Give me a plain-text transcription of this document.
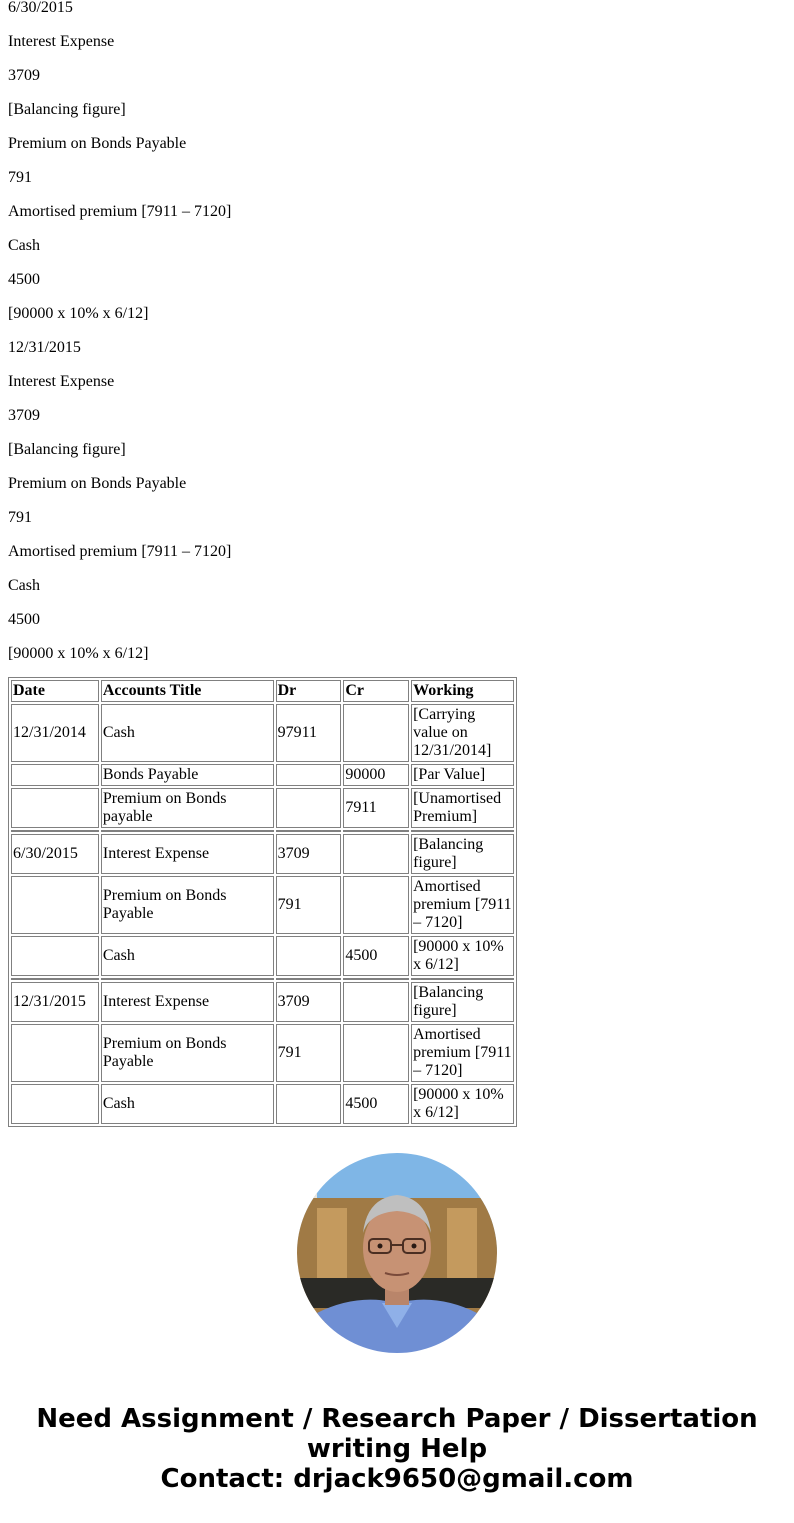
6/30/2015

Interest Expense

3709

[Balancing figure]

Premium on Bonds Payable

791

Amortised premium [7911 – 7120]

Cash

4500

[90000 x 10% x 6/12]

12/31/2015

Interest Expense

3709

[Balancing figure]

Premium on Bonds Payable

791

Amortised premium [7911 – 7120]

Cash

4500

[90000 x 10% x 6/12]

Date	Accounts Title	Dr	Cr	Working
12/31/2014	Cash	97911		[Carrying value on 12/31/2014]
	Bonds Payable		90000	[Par Value]
	Premium on Bonds payable		7911	[Unamortised Premium]

6/30/2015	Interest Expense	3709		[Balancing figure]
	Premium on Bonds Payable	791		Amortised premium [7911 – 7120]
	Cash		4500	[90000 x 10% x 6/12]

12/31/2015	Interest Expense	3709		[Balancing figure]
	Premium on Bonds Payable	791		Amortised premium [7911 – 7120]
	Cash		4500	[90000 x 10% x 6/12]

Need Assignment / Research Paper / Dissertation writing Help

Contact: drjack9650@gmail.com
